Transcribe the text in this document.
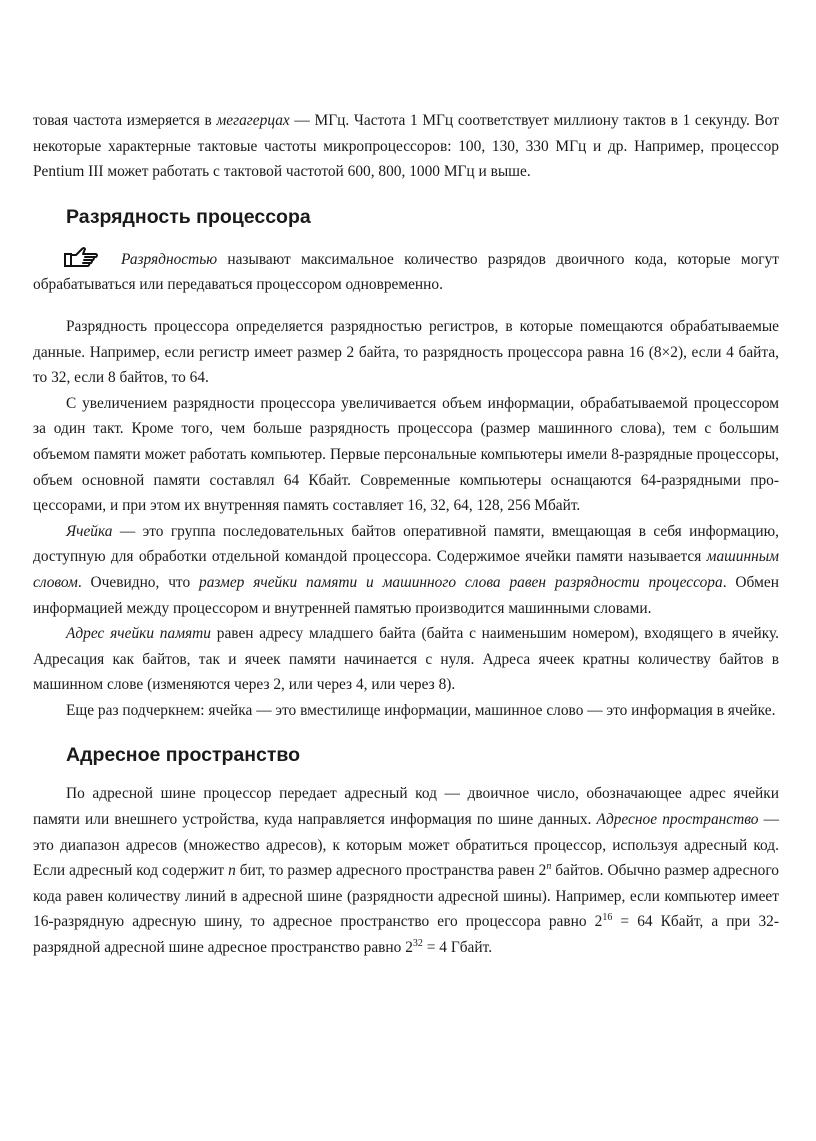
товая частота измеряется в мегагерцах — МГц. Частота 1 МГц соответствует миллиону тактов в 1 секунду. Вот некоторые характерные тактовые частоты микропроцессоров: 100, 130, 330 МГц и др. Например, процессор Pentium III может работать с тактовой частотой 600, 800, 1000 МГц и выше.

Разрядность процессора

Разрядностью называют максимальное количество разрядов двоичного кода, которые могут обрабатываться или передаваться процессором одновременно.

Разрядность процессора определяется разрядностью регистров, в которые помещаются обрабатываемые данные. Например, если регистр имеет размер 2 байта, то разрядность процессора равна 16 (8×2), если 4 байта, то 32, если 8 байтов, то 64.

С увеличением разрядности процессора увеличивается объем информации, обрабатываемой процессором за один такт. Кроме того, чем больше разрядность процессора (размер машинного слова), тем с большим объемом памяти может работать компьютер. Первые персональные компьютеры имели 8-разрядные процессоры, объем основной памяти составлял 64 Кбайт. Современные компьютеры оснащаются 64-разрядными процессорами, и при этом их внутренняя память составляет 16, 32, 64, 128, 256 Мбайт.

Ячейка — это группа последовательных байтов оперативной памяти, вмещающая в себя информацию, доступную для обработки отдельной командой процессора. Содержимое ячейки памяти называется машинным словом. Очевидно, что размер ячейки памяти и машинного слова равен разрядности процессора. Обмен информацией между процессором и внутренней памятью производится машинными словами.

Адрес ячейки памяти равен адресу младшего байта (байта с наименьшим номером), входящего в ячейку. Адресация как байтов, так и ячеек памяти начинается с нуля. Адреса ячеек кратны количеству байтов в машинном слове (изменяются через 2, или через 4, или через 8).

Еще раз подчеркнем: ячейка — это вместилище информации, машинное слово — это информация в ячейке.

Адресное пространство

По адресной шине процессор передает адресный код — двоичное число, обозначающее адрес ячейки памяти или внешнего устройства, куда направляется информация по шине данных. Адресное пространство — это диапазон адресов (множество адресов), к которым может обратиться процессор, используя адресный код. Если адресный код содержит n бит, то размер адресного пространства равен 2$^n$ байтов. Обычно размер адресного кода равен количеству линий в адресной шине (разрядности адресной шины). Например, если компьютер имеет 16-разрядную адресную шину, то адресное пространство его процессора равно $2^{16} = 64$ Кбайт, а при 32-разрядной адресной шине адресное пространство равно $2^{32} = 4$ Гбайт.
